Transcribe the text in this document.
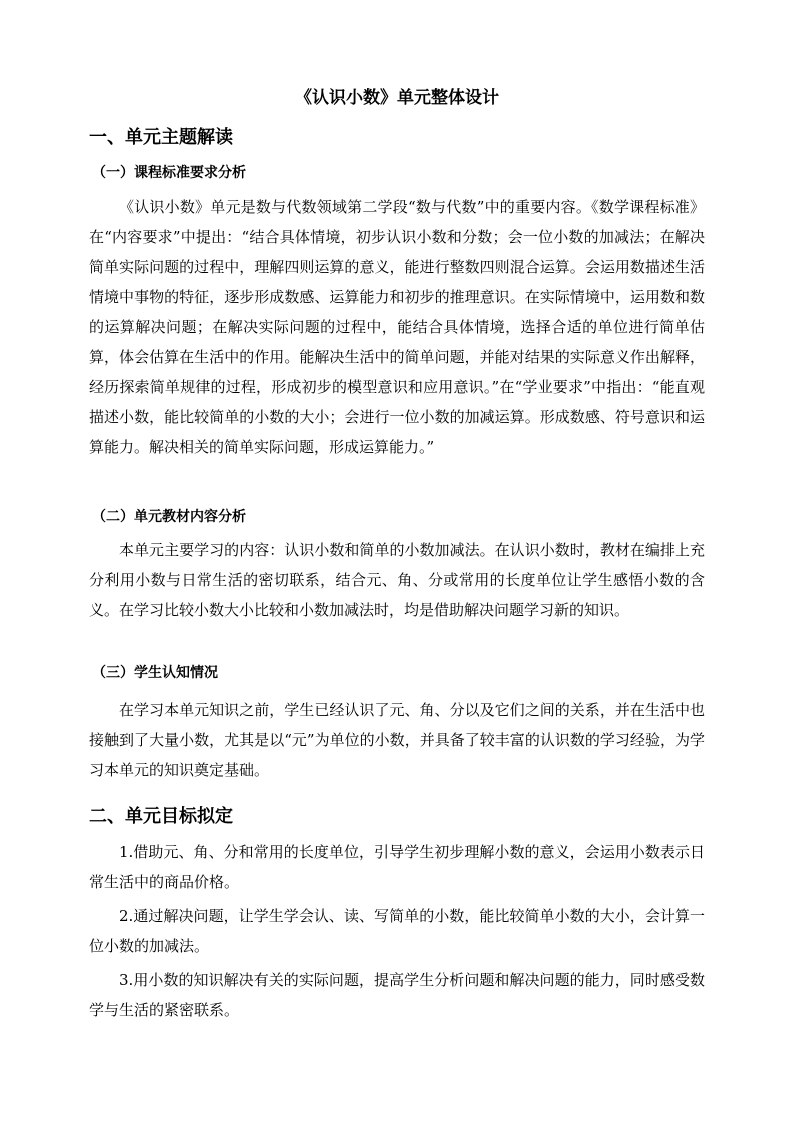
《认识小数》单元整体设计
一、单元主题解读
（一）课程标准要求分析
《认识小数》单元是数与代数领域第二学段“数与代数”中的重要内容。《数学课程标准》在“内容要求”中提出：“结合具体情境，初步认识小数和分数；会一位小数的加减法；在解决简单实际问题的过程中，理解四则运算的意义，能进行整数四则混合运算。会运用数描述生活情境中事物的特征，逐步形成数感、运算能力和初步的推理意识。在实际情境中，运用数和数的运算解决问题；在解决实际问题的过程中，能结合具体情境，选择合适的单位进行简单估算，体会估算在生活中的作用。能解决生活中的简单问题，并能对结果的实际意义作出解释，经历探索简单规律的过程，形成初步的模型意识和应用意识。”在“学业要求”中指出：“能直观描述小数，能比较简单的小数的大小；会进行一位小数的加减运算。形成数感、符号意识和运算能力。解决相关的简单实际问题，形成运算能力。”
（二）单元教材内容分析
本单元主要学习的内容：认识小数和简单的小数加减法。在认识小数时，教材在编排上充分利用小数与日常生活的密切联系，结合元、角、分或常用的长度单位让学生感悟小数的含义。在学习比较小数大小比较和小数加减法时，均是借助解决问题学习新的知识。
（三）学生认知情况
在学习本单元知识之前，学生已经认识了元、角、分以及它们之间的关系，并在生活中也接触到了大量小数，尤其是以“元”为单位的小数，并具备了较丰富的认识数的学习经验，为学习本单元的知识奠定基础。
二、单元目标拟定
1.借助元、角、分和常用的长度单位，引导学生初步理解小数的意义，会运用小数表示日常生活中的商品价格。
2.通过解决问题，让学生学会认、读、写简单的小数，能比较简单小数的大小，会计算一位小数的加减法。
3.用小数的知识解决有关的实际问题，提高学生分析问题和解决问题的能力，同时感受数学与生活的紧密联系。
